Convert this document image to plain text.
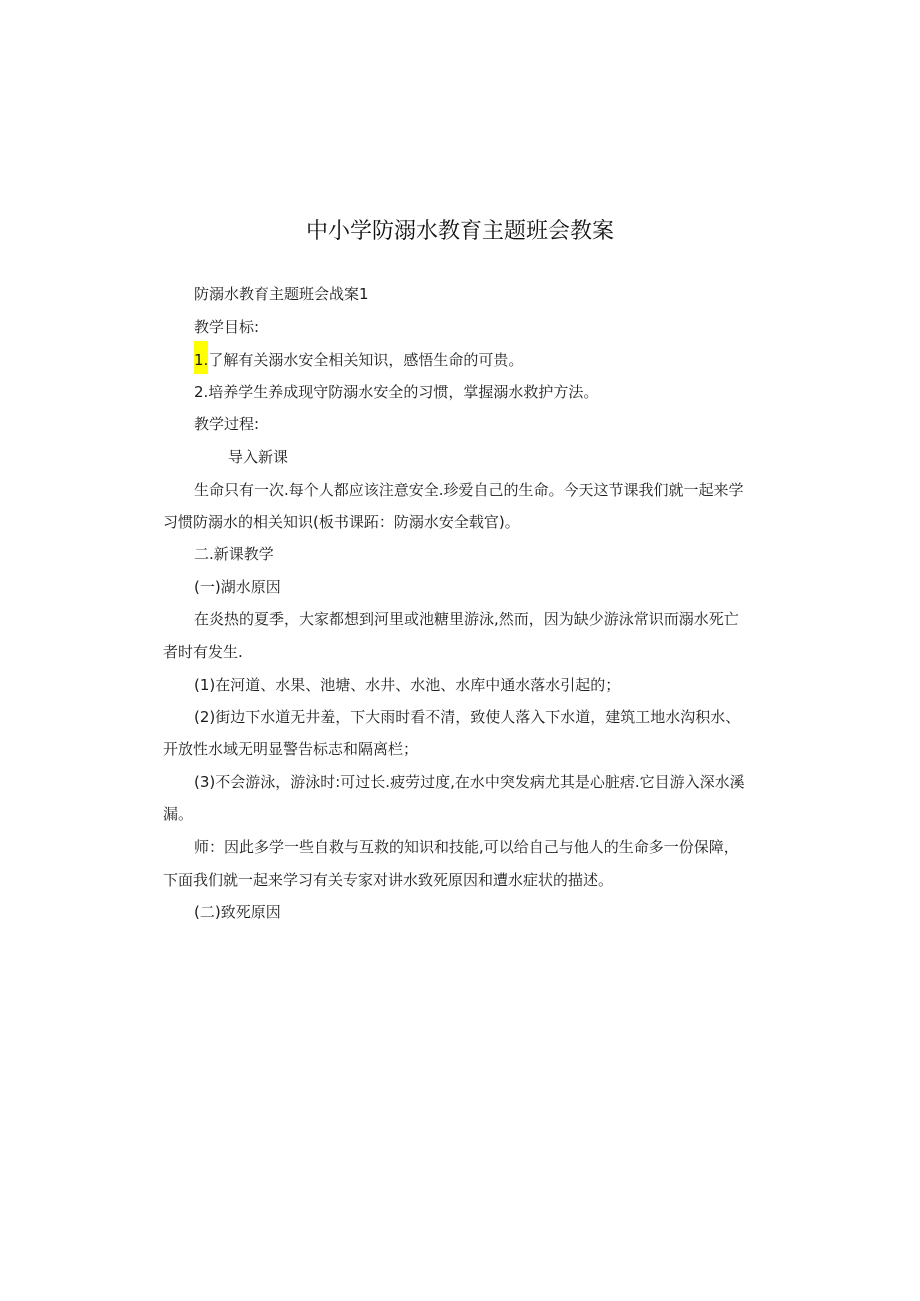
中小学防溺水教育主题班会教案
防溺水教育主题班会战案1
教学目标:
1.了解有关溺水安全相关知识，感悟生命的可贵。
2.培养学生养成现守防溺水安全的习惯，掌握溺水救护方法。
教学过程:
导入新课
生命只有一次.每个人都应该注意安全.珍爱自己的生命。今天这节课我们就一起来学
习惯防溺水的相关知识(板书课跖：防溺水安全载官)。
二.新课教学
(一)湖水原因
在炎热的夏季，大家都想到河里或池糖里游泳,然而，因为缺少游泳常识而溺水死亡
者时有发生.
(1)在河道、水果、池塘、水井、水池、水库中通水落水引起的；
(2)街边下水道无井羞，下大雨时看不清，致使人落入下水道，建筑工地水沟积水、
开放性水域无明显警告标志和隔离栏；
(3)不会游泳，游泳时:可过长.疲劳过度,在水中突发病尤其是心脏痞.它目游入深水溪
漏。
师：因此多学一些自救与互救的知识和技能,可以给自己与他人的生命多一份保障，
下面我们就一起来学习有关专家对讲水致死原因和遭水症状的描述。
(二)致死原因
